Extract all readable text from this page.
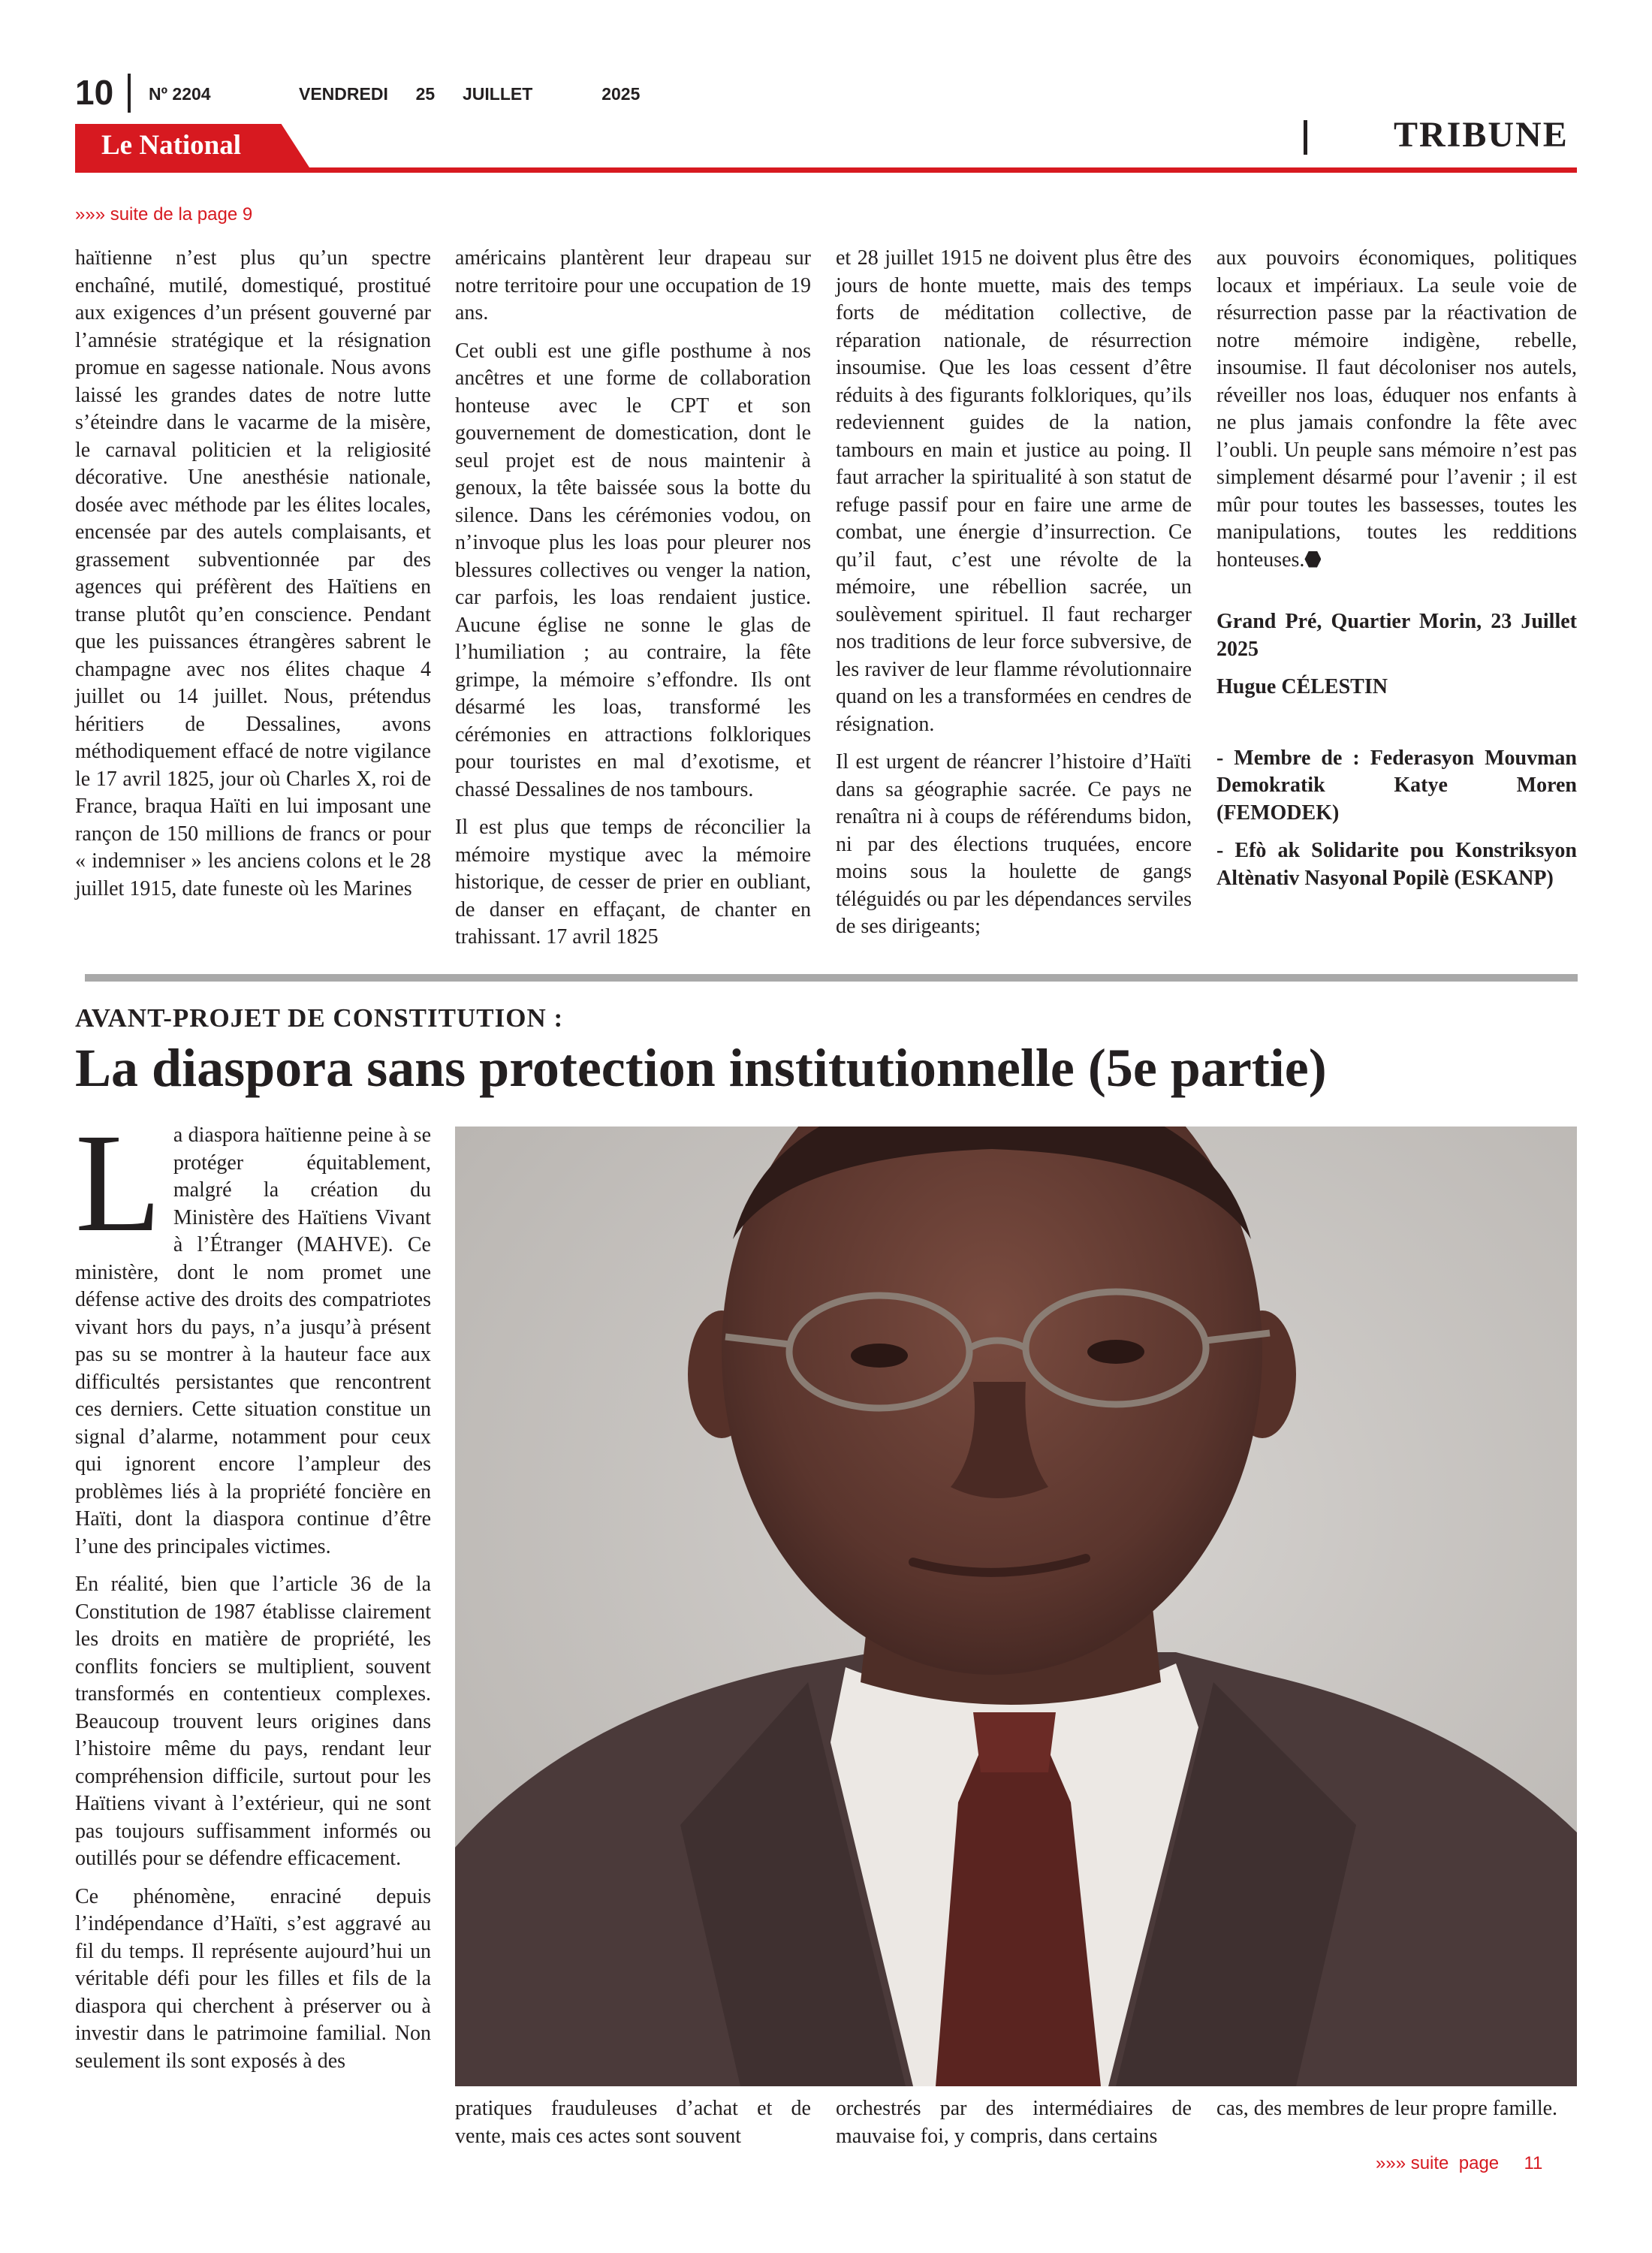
10 Nº 2204	VENDREDI  25  JUILLET     2025
Le National	TRIBUNE
»»» suite de la page 9

haïtienne n’est plus qu’un spectre enchaîné, mutilé, domestiqué, prostitué aux exigences d’un présent gouverné par l’amnésie stratégique et la résignation promue en sagesse nationale. Nous avons laissé les grandes dates de notre lutte s’éteindre dans le vacarme de la misère, le carnaval politicien et la religiosité décorative. Une anesthésie nationale, dosée avec méthode par les élites locales, encensée par des autels complaisants, et grassement subventionnée par des agences qui préfèrent des Haïtiens en transe plutôt qu’en conscience. Pendant que les puissances étrangères sabrent le champagne avec nos élites chaque 4 juillet ou 14 juillet. Nous, prétendus héritiers de Dessalines, avons méthodiquement effacé de notre vigilance le 17 avril 1825, jour où Charles X, roi de France, braqua Haïti en lui imposant une rançon de 150 millions de francs or pour « indemniser » les anciens colons et le 28 juillet 1915, date funeste où les Marines

américains plantèrent leur drapeau sur notre territoire pour une occupation de 19 ans.

Cet oubli est une gifle posthume à nos ancêtres et une forme de collaboration honteuse avec le CPT et son gouvernement de domestication, dont le seul projet est de nous maintenir à genoux, la tête baissée sous la botte du silence. Dans les cérémonies vodou, on n’invoque plus les loas pour pleurer nos blessures collectives ou venger la nation, car parfois, les loas rendaient justice. Aucune église ne sonne le glas de l’humiliation ; au contraire, la fête grimpe, la mémoire s’effondre. Ils ont désarmé les loas, transformé les cérémonies en attractions folkloriques pour touristes en mal d’exotisme, et chassé Dessalines de nos tambours.

Il est plus que temps de réconcilier la mémoire mystique avec la mémoire historique, de cesser de prier en oubliant, de danser en effaçant, de chanter en trahissant. 17 avril 1825

et 28 juillet 1915 ne doivent plus être des jours de honte muette, mais des temps forts de méditation collective, de réparation nationale, de résurrection insoumise. Que les loas cessent d’être réduits à des figurants folkloriques, qu’ils redeviennent guides de la nation, tambours en main et justice au poing. Il faut arracher la spiritualité à son statut de refuge passif pour en faire une arme de combat, une énergie d’insurrection. Ce qu’il faut, c’est une révolte de la mémoire, une rébellion sacrée, un soulèvement spirituel. Il faut recharger nos traditions de leur force subversive, de les raviver de leur flamme révolutionnaire quand on les a transformées en cendres de résignation.

Il est urgent de réancrer l’histoire d’Haïti dans sa géographie sacrée. Ce pays ne renaîtra ni à coups de référendums bidon, ni par des élections truquées, encore moins sous la houlette de gangs téléguidés ou par les dépendances serviles de ses dirigeants;

aux pouvoirs économiques, politiques locaux et impériaux. La seule voie de résurrection passe par la réactivation de notre mémoire indigène, rebelle, insoumise. Il faut décoloniser nos autels, réveiller nos loas, éduquer nos enfants à ne plus jamais confondre la fête avec l’oubli. Un peuple sans mémoire n’est pas simplement désarmé pour l’avenir ; il est mûr pour toutes les bassesses, toutes les manipulations, toutes les redditions honteuses.

Grand Pré, Quartier Morin, 23 Juillet 2025

Hugue CÉLESTIN

- Membre de : Federasyon Mouvman Demokratik Katye Moren (FEMODEK)

- Efò ak Solidarite pou Konstriksyon Altènativ Nasyonal Popilè (ESKANP)

AVANT-PROJET DE CONSTITUTION :
La diaspora sans protection institutionnelle (5e partie)

La diaspora haïtienne peine à se protéger équitablement, malgré la création du Ministère des Haïtiens Vivant à l’Étranger (MAHVE). Ce ministère, dont le nom promet une défense active des droits des compatriotes vivant hors du pays, n’a jusqu’à présent pas su se montrer à la hauteur face aux difficultés persistantes que rencontrent ces derniers. Cette situation constitue un signal d’alarme, notamment pour ceux qui ignorent encore l’ampleur des problèmes liés à la propriété foncière en Haïti, dont la diaspora continue d’être l’une des principales victimes.

En réalité, bien que l’article 36 de la Constitution de 1987 établisse clairement les droits en matière de propriété, les conflits fonciers se multiplient, souvent transformés en contentieux complexes. Beaucoup trouvent leurs origines dans l’histoire même du pays, rendant leur compréhension difficile, surtout pour les Haïtiens vivant à l’extérieur, qui ne sont pas toujours suffisamment informés ou outillés pour se défendre efficacement.

Ce phénomène, enraciné depuis l’indépendance d’Haïti, s’est aggravé au fil du temps. Il représente aujourd’hui un véritable défi pour les filles et fils de la diaspora qui cherchent à préserver ou à investir dans le patrimoine familial. Non seulement ils sont exposés à des

pratiques frauduleuses d’achat et de vente, mais ces actes sont souvent

orchestrés par des intermédiaires de mauvaise foi, y compris, dans certains

cas, des membres de leur propre famille.

»»» suite  page     11
